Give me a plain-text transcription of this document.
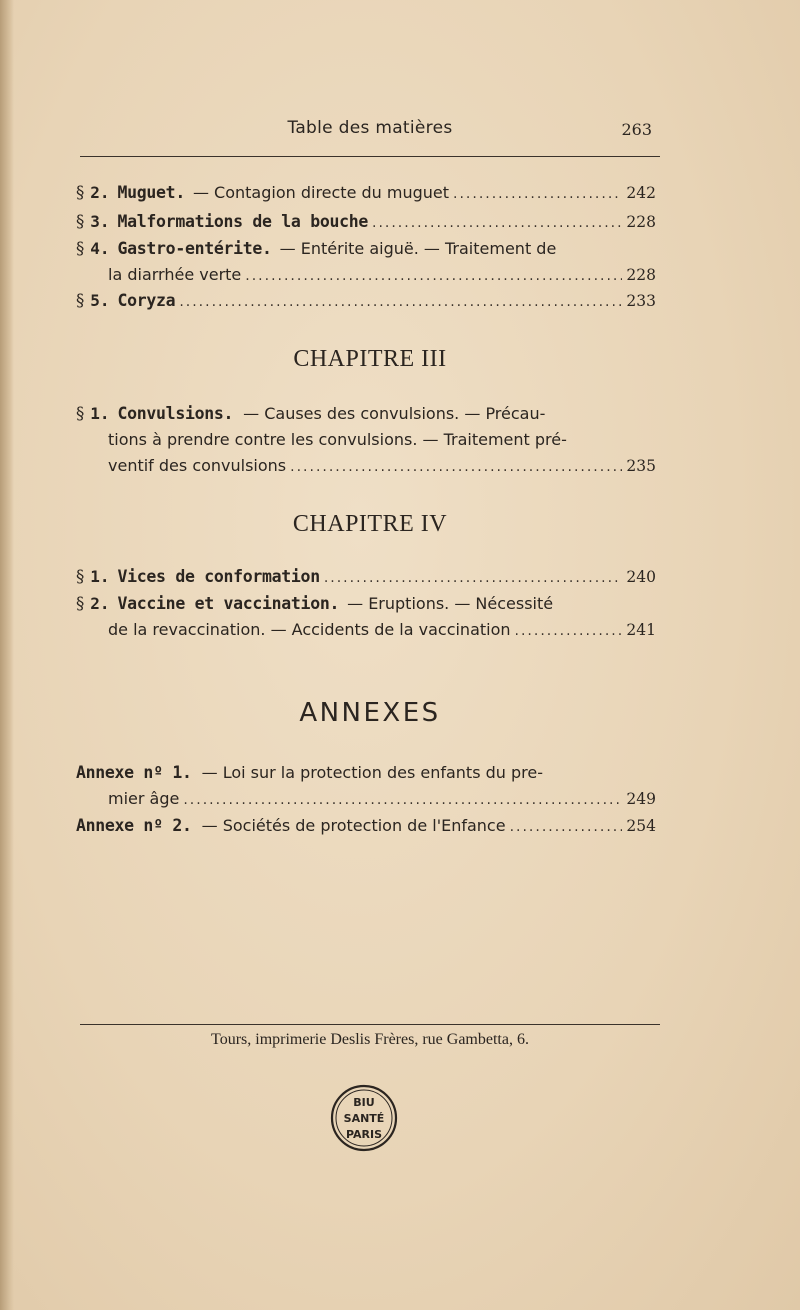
Table des matières	263
§ 2. Muguet. — Contagion directe du muguet .....	242
§ 3. Malformations de la bouche .....	228
§ 4. Gastro-entérite. — Entérite aiguë. — Traitement de
la diarrhée verte .....	228
§ 5. Coryza .....	233
CHAPITRE III
§ 1. Convulsions. — Causes des convulsions. — Précau-
tions à prendre contre les convulsions. — Traitement pré-
ventif des convulsions .....	235
CHAPITRE IV
§ 1. Vices de conformation .....	240
§ 2. Vaccine et vaccination. — Eruptions. — Nécessité
de la revaccination. — Accidents de la vaccination .....	241
ANNEXES
Annexe nº 1. — Loi sur la protection des enfants du pre-
mier âge .....	249
Annexe nº 2. — Sociétés de protection de l'Enfance .....	254
Tours, imprimerie Deslis Frères, rue Gambetta, 6.
BIU
SANTÉ
PARIS
